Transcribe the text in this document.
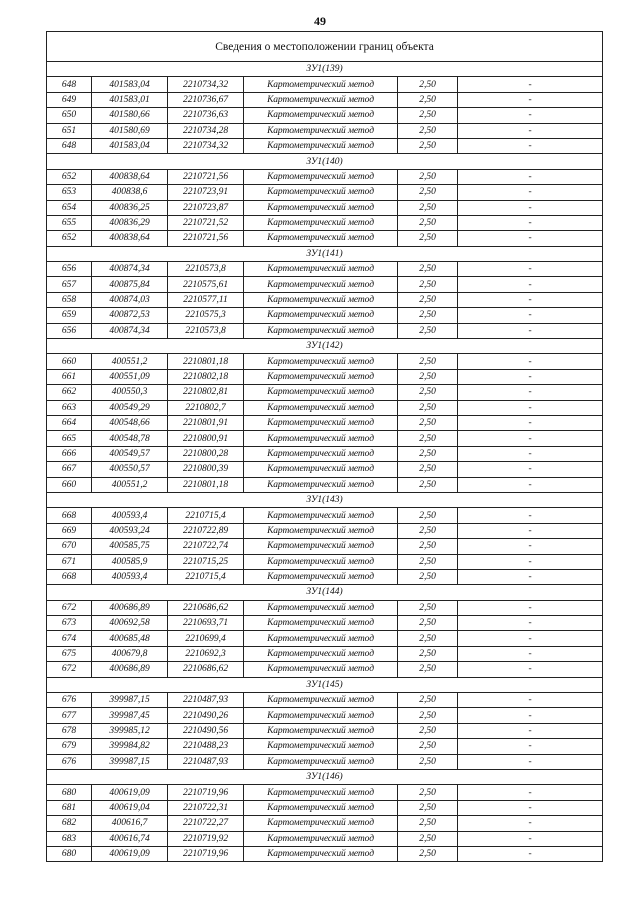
49
Сведения о местоположении границ объекта					
ЗУ1(139)					
648	401583,04	2210734,32	Картометрический метод	2,50	-
649	401583,01	2210736,67	Картометрический метод	2,50	-
650	401580,66	2210736,63	Картометрический метод	2,50	-
651	401580,69	2210734,28	Картометрический метод	2,50	-
648	401583,04	2210734,32	Картометрический метод	2,50	-
ЗУ1(140)					
652	400838,64	2210721,56	Картометрический метод	2,50	-
653	400838,6	2210723,91	Картометрический метод	2,50	-
654	400836,25	2210723,87	Картометрический метод	2,50	-
655	400836,29	2210721,52	Картометрический метод	2,50	-
652	400838,64	2210721,56	Картометрический метод	2,50	-
ЗУ1(141)					
656	400874,34	2210573,8	Картометрический метод	2,50	-
657	400875,84	2210575,61	Картометрический метод	2,50	-
658	400874,03	2210577,11	Картометрический метод	2,50	-
659	400872,53	2210575,3	Картометрический метод	2,50	-
656	400874,34	2210573,8	Картометрический метод	2,50	-
ЗУ1(142)					
660	400551,2	2210801,18	Картометрический метод	2,50	-
661	400551,09	2210802,18	Картометрический метод	2,50	-
662	400550,3	2210802,81	Картометрический метод	2,50	-
663	400549,29	2210802,7	Картометрический метод	2,50	-
664	400548,66	2210801,91	Картометрический метод	2,50	-
665	400548,78	2210800,91	Картометрический метод	2,50	-
666	400549,57	2210800,28	Картометрический метод	2,50	-
667	400550,57	2210800,39	Картометрический метод	2,50	-
660	400551,2	2210801,18	Картометрический метод	2,50	-
ЗУ1(143)					
668	400593,4	2210715,4	Картометрический метод	2,50	-
669	400593,24	2210722,89	Картометрический метод	2,50	-
670	400585,75	2210722,74	Картометрический метод	2,50	-
671	400585,9	2210715,25	Картометрический метод	2,50	-
668	400593,4	2210715,4	Картометрический метод	2,50	-
ЗУ1(144)					
672	400686,89	2210686,62	Картометрический метод	2,50	-
673	400692,58	2210693,71	Картометрический метод	2,50	-
674	400685,48	2210699,4	Картометрический метод	2,50	-
675	400679,8	2210692,3	Картометрический метод	2,50	-
672	400686,89	2210686,62	Картометрический метод	2,50	-
ЗУ1(145)					
676	399987,15	2210487,93	Картометрический метод	2,50	-
677	399987,45	2210490,26	Картометрический метод	2,50	-
678	399985,12	2210490,56	Картометрический метод	2,50	-
679	399984,82	2210488,23	Картометрический метод	2,50	-
676	399987,15	2210487,93	Картометрический метод	2,50	-
ЗУ1(146)					
680	400619,09	2210719,96	Картометрический метод	2,50	-
681	400619,04	2210722,31	Картометрический метод	2,50	-
682	400616,7	2210722,27	Картометрический метод	2,50	-
683	400616,74	2210719,92	Картометрический метод	2,50	-
680	400619,09	2210719,96	Картометрический метод	2,50	-
